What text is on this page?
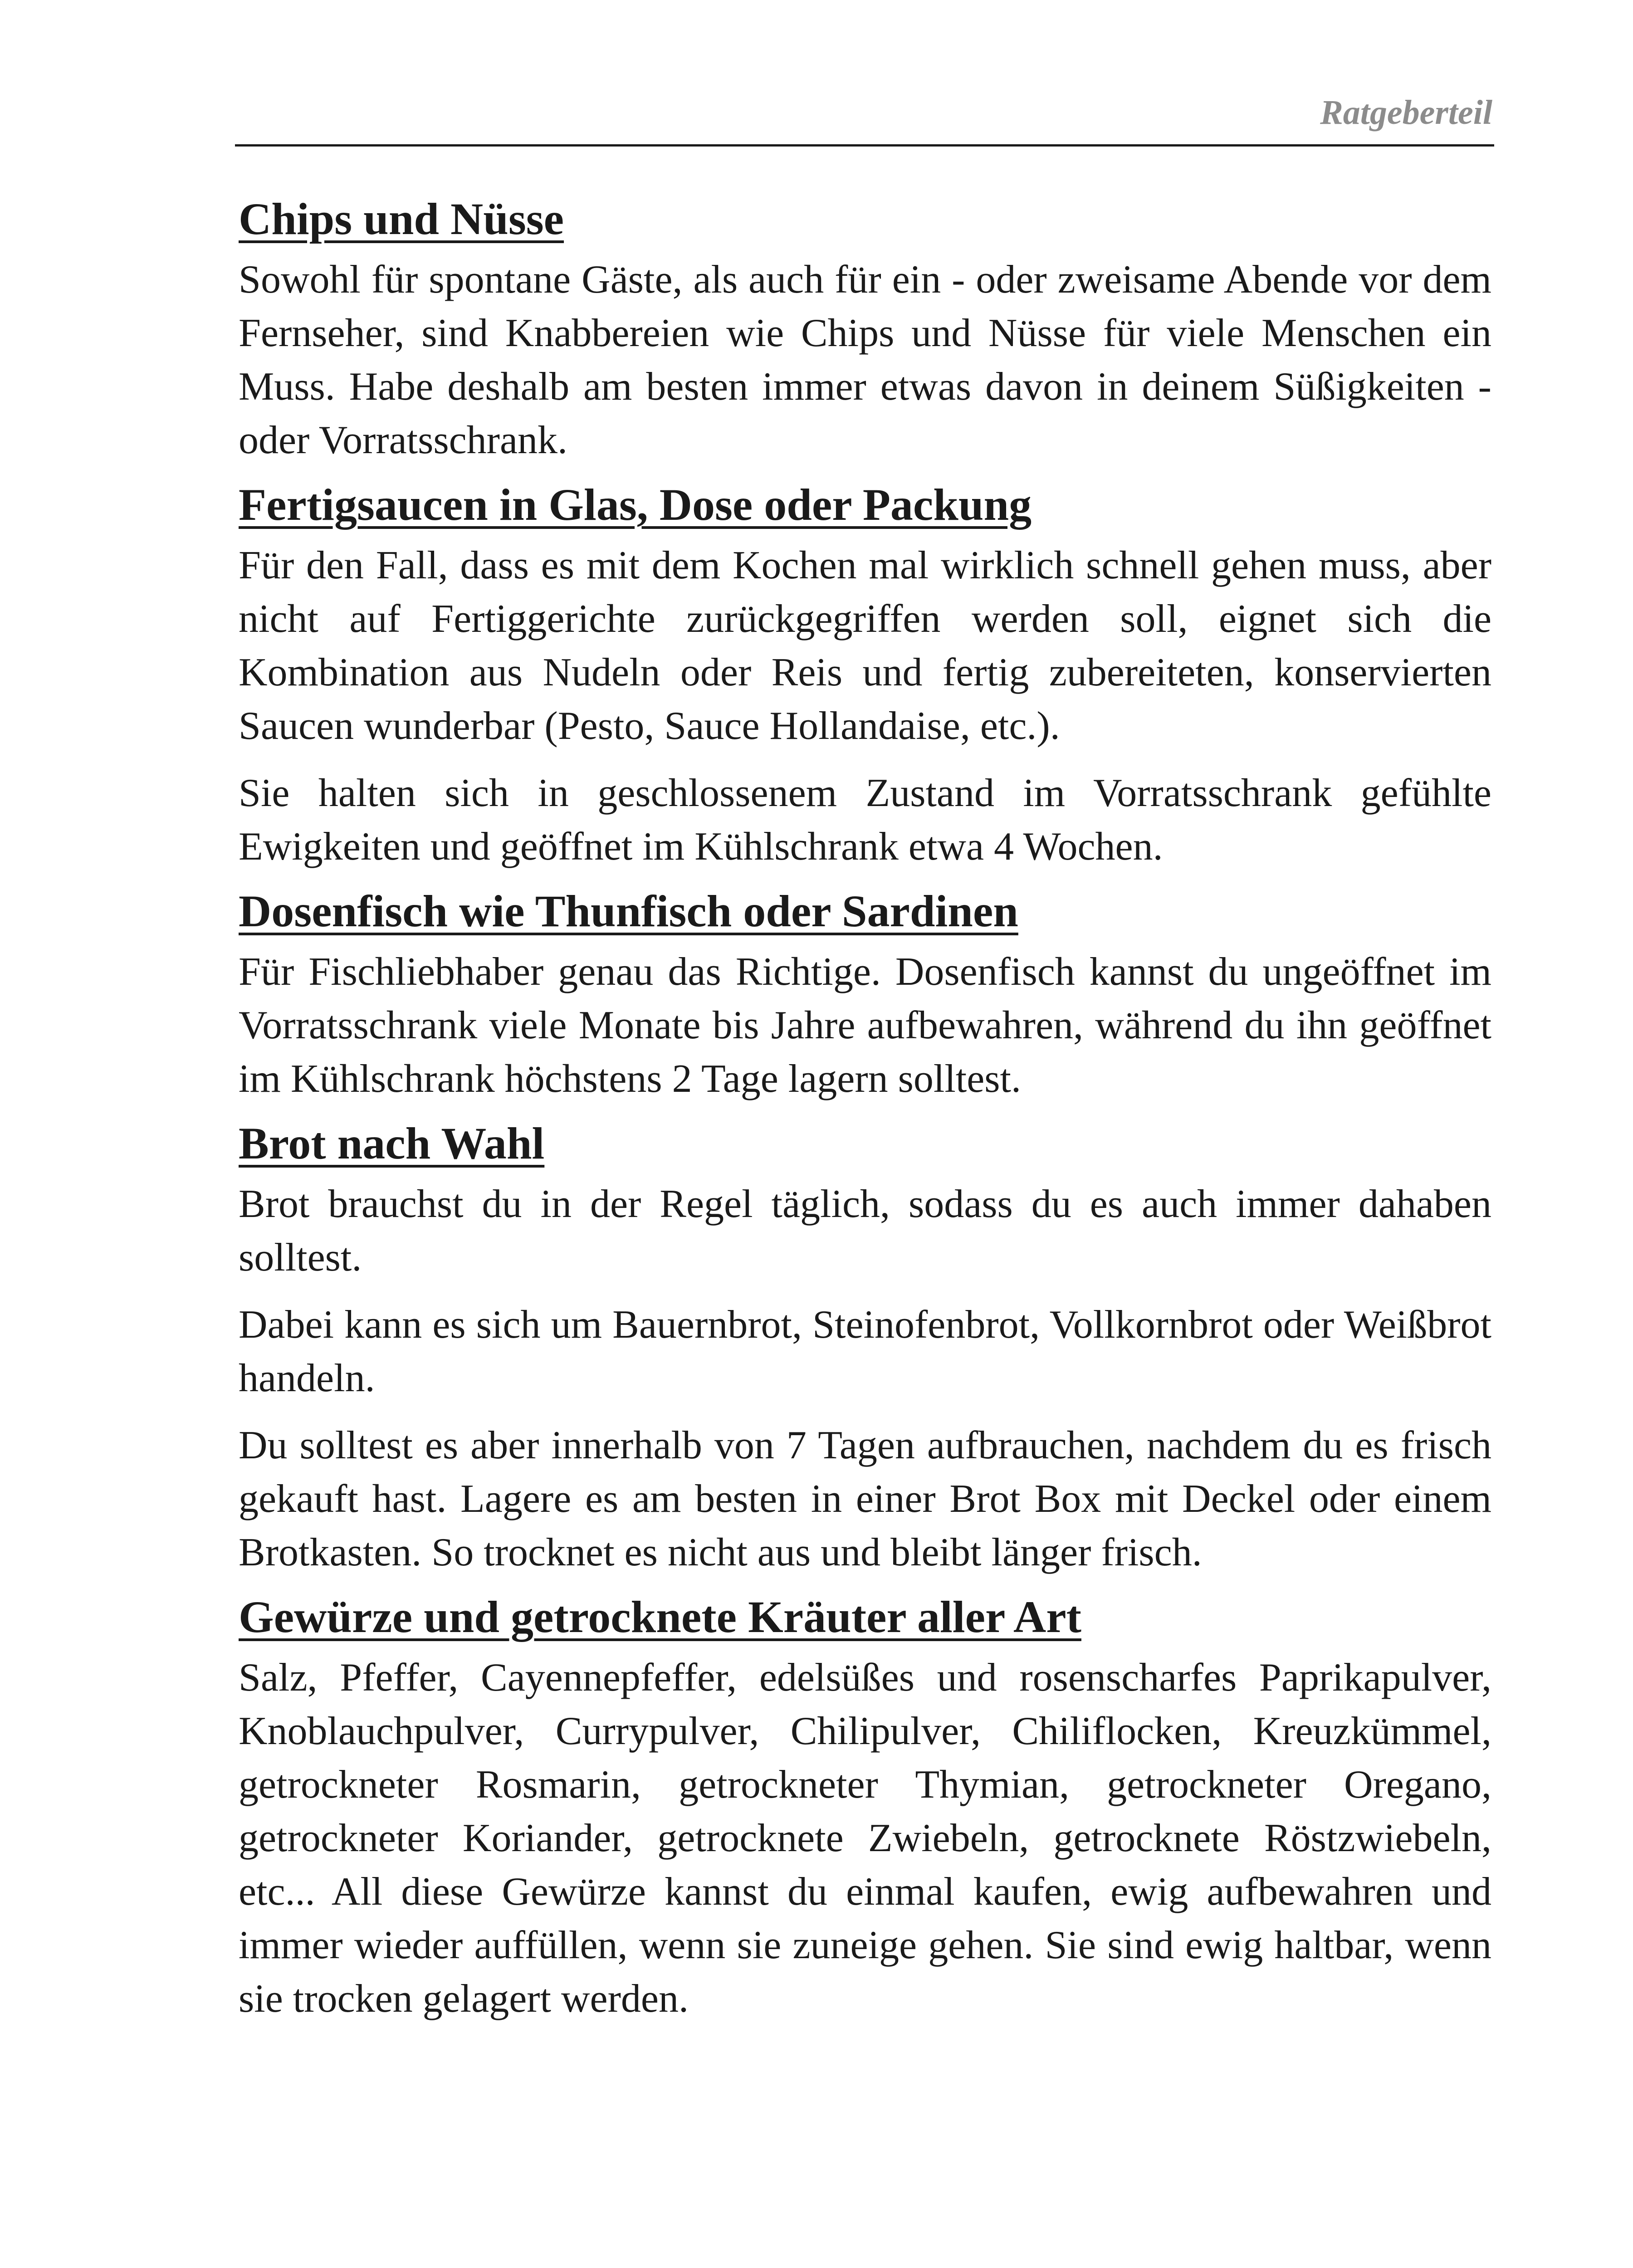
Ratgeberteil
Chips und Nüsse

Sowohl für spontane Gäste, als auch für ein - oder zweisame Abende vor dem Fernseher, sind Knabbereien wie Chips und Nüsse für viele Menschen ein Muss. Habe deshalb am besten immer etwas davon in deinem Süßigkeiten - oder Vorratsschrank.

Fertigsaucen in Glas, Dose oder Packung

Für den Fall, dass es mit dem Kochen mal wirklich schnell gehen muss, aber nicht auf Fertiggerichte zurückgegriffen werden soll, eignet sich die Kombination aus Nudeln oder Reis und fertig zubereiteten, konservierten Saucen wunderbar (Pesto, Sauce Hollandaise, etc.).

Sie halten sich in geschlossenem Zustand im Vorratsschrank gefühlte Ewigkeiten und geöffnet im Kühlschrank etwa 4 Wochen.

Dosenfisch wie Thunfisch oder Sardinen

Für Fischliebhaber genau das Richtige. Dosenfisch kannst du ungeöffnet im Vorratsschrank viele Monate bis Jahre aufbewahren, während du ihn geöffnet im Kühlschrank höchstens 2 Tage lagern solltest.

Brot nach Wahl

Brot brauchst du in der Regel täglich, sodass du es auch immer dahaben solltest.

Dabei kann es sich um Bauernbrot, Steinofenbrot, Vollkornbrot oder Weißbrot handeln.

Du solltest es aber innerhalb von 7 Tagen aufbrauchen, nachdem du es frisch gekauft hast. Lagere es am besten in einer Brot Box mit Deckel oder einem Brotkasten. So trocknet es nicht aus und bleibt länger frisch.

Gewürze und getrocknete Kräuter aller Art

Salz, Pfeffer, Cayennepfeffer, edelsüßes und rosenscharfes Paprikapulver, Knoblauchpulver, Currypulver, Chilipulver, Chiliflocken, Kreuzkümmel, getrockneter Rosmarin, getrockneter Thymian, getrockneter Oregano, getrockneter Koriander, getrocknete Zwiebeln, getrocknete Röstzwiebeln, etc... All diese Gewürze kannst du einmal kaufen, ewig aufbewahren und immer wieder auffüllen, wenn sie zuneige gehen. Sie sind ewig haltbar, wenn sie trocken gelagert werden.
